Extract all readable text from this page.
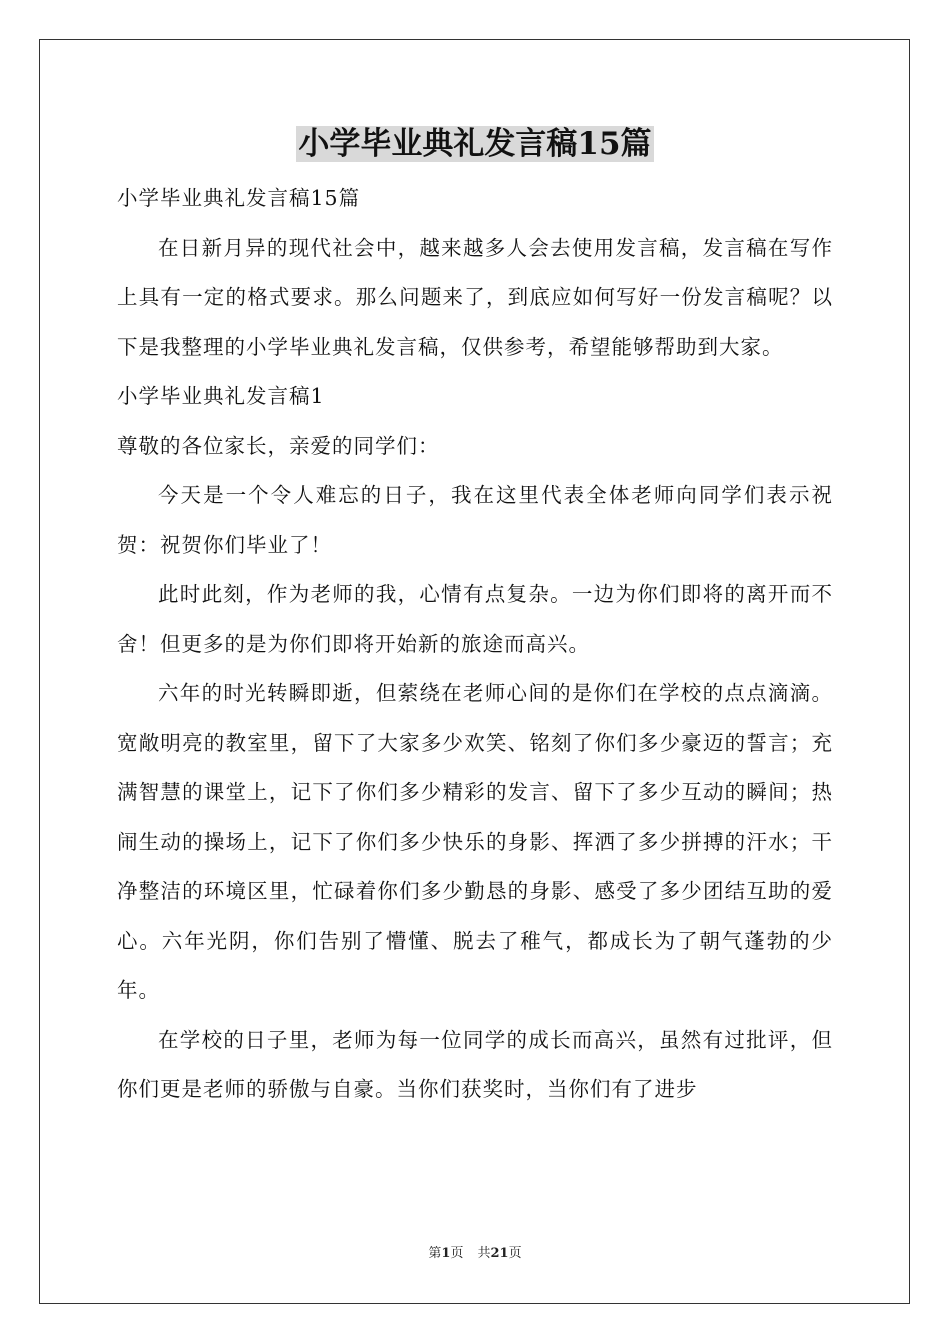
小学毕业典礼发言稿15篇

小学毕业典礼发言稿15篇

在日新月异的现代社会中，越来越多人会去使用发言稿，发言稿在写作上具有一定的格式要求。那么问题来了，到底应如何写好一份发言稿呢？以下是我整理的小学毕业典礼发言稿，仅供参考，希望能够帮助到大家。

小学毕业典礼发言稿1

尊敬的各位家长，亲爱的同学们：

今天是一个令人难忘的日子，我在这里代表全体老师向同学们表示祝贺：祝贺你们毕业了！

此时此刻，作为老师的我，心情有点复杂。一边为你们即将的离开而不舍！但更多的是为你们即将开始新的旅途而高兴。

六年的时光转瞬即逝，但萦绕在老师心间的是你们在学校的点点滴滴。宽敞明亮的教室里，留下了大家多少欢笑、铭刻了你们多少豪迈的誓言；充满智慧的课堂上，记下了你们多少精彩的发言、留下了多少互动的瞬间；热闹生动的操场上，记下了你们多少快乐的身影、挥洒了多少拼搏的汗水；干净整洁的环境区里，忙碌着你们多少勤恳的身影、感受了多少团结互助的爱心。六年光阴，你们告别了懵懂、脱去了稚气，都成长为了朝气蓬勃的少年。

在学校的日子里，老师为每一位同学的成长而高兴，虽然有过批评，但你们更是老师的骄傲与自豪。当你们获奖时，当你们有了进步

第1页 共21页
